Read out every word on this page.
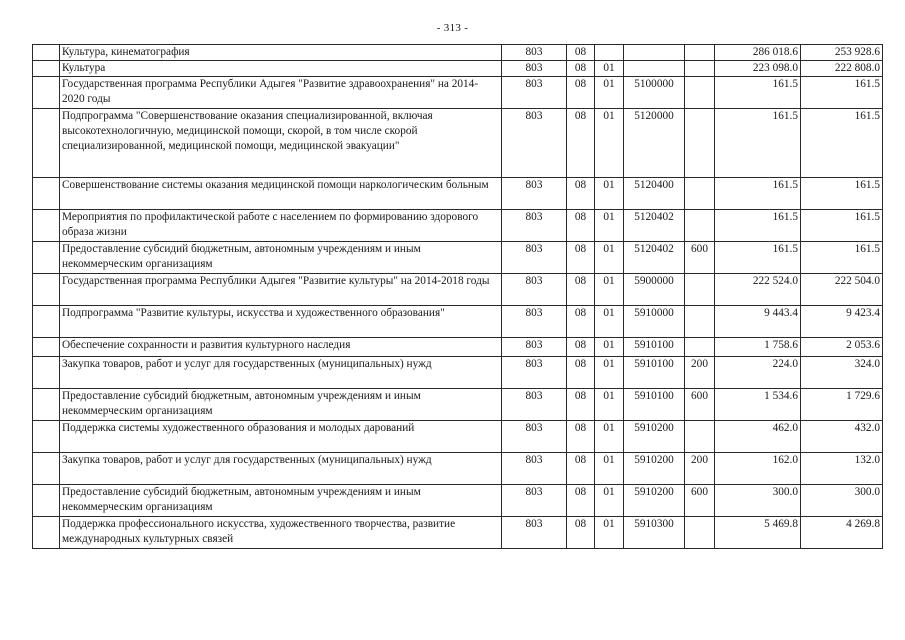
- 313 -
	Культура, кинематография	803	08				286 018.6	253 928.6
	Культура	803	08	01			223 098.0	222 808.0
	Государственная программа Республики Адыгея "Развитие здравоохранения" на 2014-2020 годы	803	08	01	5100000		161.5	161.5
	Подпрограмма "Совершенствование оказания специализированной, включая высокотехнологичную, медицинской помощи, скорой, в том числе скорой специализированной, медицинской помощи, медицинской эвакуации"	803	08	01	5120000		161.5	161.5
	Совершенствование системы оказания медицинской помощи наркологическим больным	803	08	01	5120400		161.5	161.5
	Мероприятия по профилактической работе с населением по формированию здорового образа жизни	803	08	01	5120402		161.5	161.5
	Предоставление субсидий бюджетным, автономным учреждениям и иным некоммерческим организациям	803	08	01	5120402	600	161.5	161.5
	Государственная программа Республики Адыгея "Развитие культуры" на 2014-2018 годы	803	08	01	5900000		222 524.0	222 504.0
	Подпрограмма "Развитие культуры, искусства и художественного образования"	803	08	01	5910000		9 443.4	9 423.4
	Обеспечение сохранности и развития культурного наследия	803	08	01	5910100		1 758.6	2 053.6
	Закупка товаров, работ и услуг для государственных (муниципальных) нужд	803	08	01	5910100	200	224.0	324.0
	Предоставление субсидий бюджетным, автономным учреждениям и иным некоммерческим организациям	803	08	01	5910100	600	1 534.6	1 729.6
	Поддержка системы художественного образования и молодых дарований	803	08	01	5910200		462.0	432.0
	Закупка товаров, работ и услуг для государственных (муниципальных) нужд	803	08	01	5910200	200	162.0	132.0
	Предоставление субсидий бюджетным, автономным учреждениям и иным некоммерческим организациям	803	08	01	5910200	600	300.0	300.0
	Поддержка профессионального искусства, художественного творчества, развитие международных культурных связей	803	08	01	5910300		5 469.8	4 269.8
